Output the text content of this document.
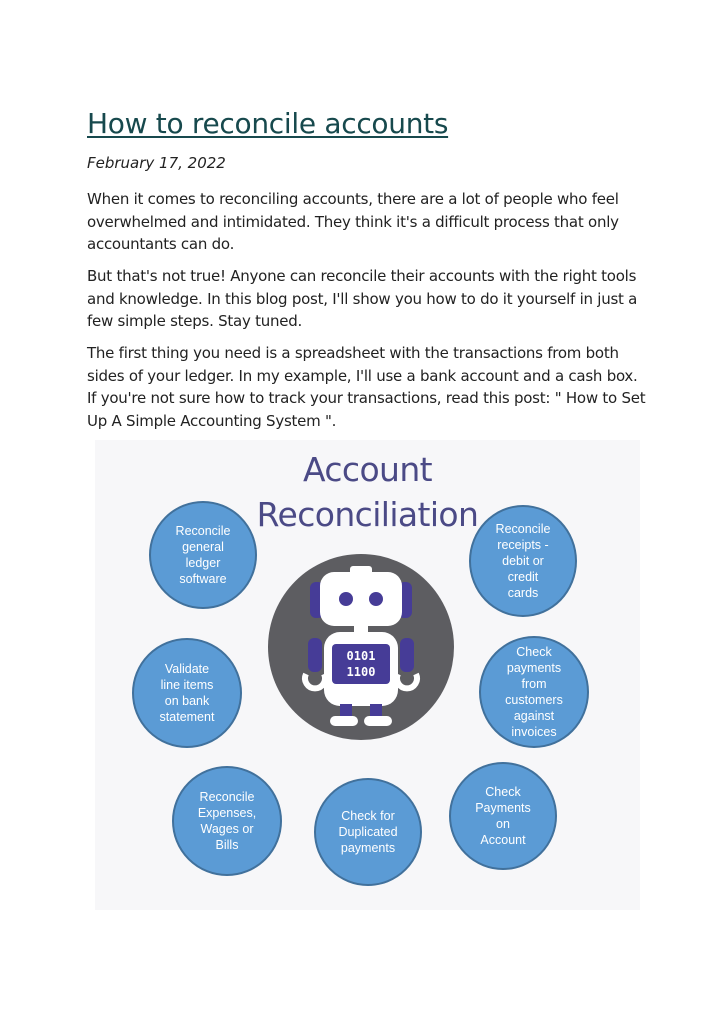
How to reconcile accounts
February 17, 2022

When it comes to reconciling accounts, there are a lot of people who feel overwhelmed and intimidated. They think it's a difficult process that only accountants can do.

But that's not true! Anyone can reconcile their accounts with the right tools and knowledge. In this blog post, I'll show you how to do it yourself in just a few simple steps. Stay tuned.

The first thing you need is a spreadsheet with the transactions from both sides of your ledger. In my example, I'll use a bank account and a cash box. If you're not sure how to track your transactions, read this post: " How to Set Up A Simple Accounting System ".

Account
Reconciliation
0101
1100
Reconcile
general
ledger
software
Reconcile
receipts -
debit or
credit
cards
Validate
line items
on bank
statement
Check
payments
from
customers
against
invoices
Reconcile
Expenses,
Wages or
Bills
Check for
Duplicated
payments
Check
Payments
on
Account
